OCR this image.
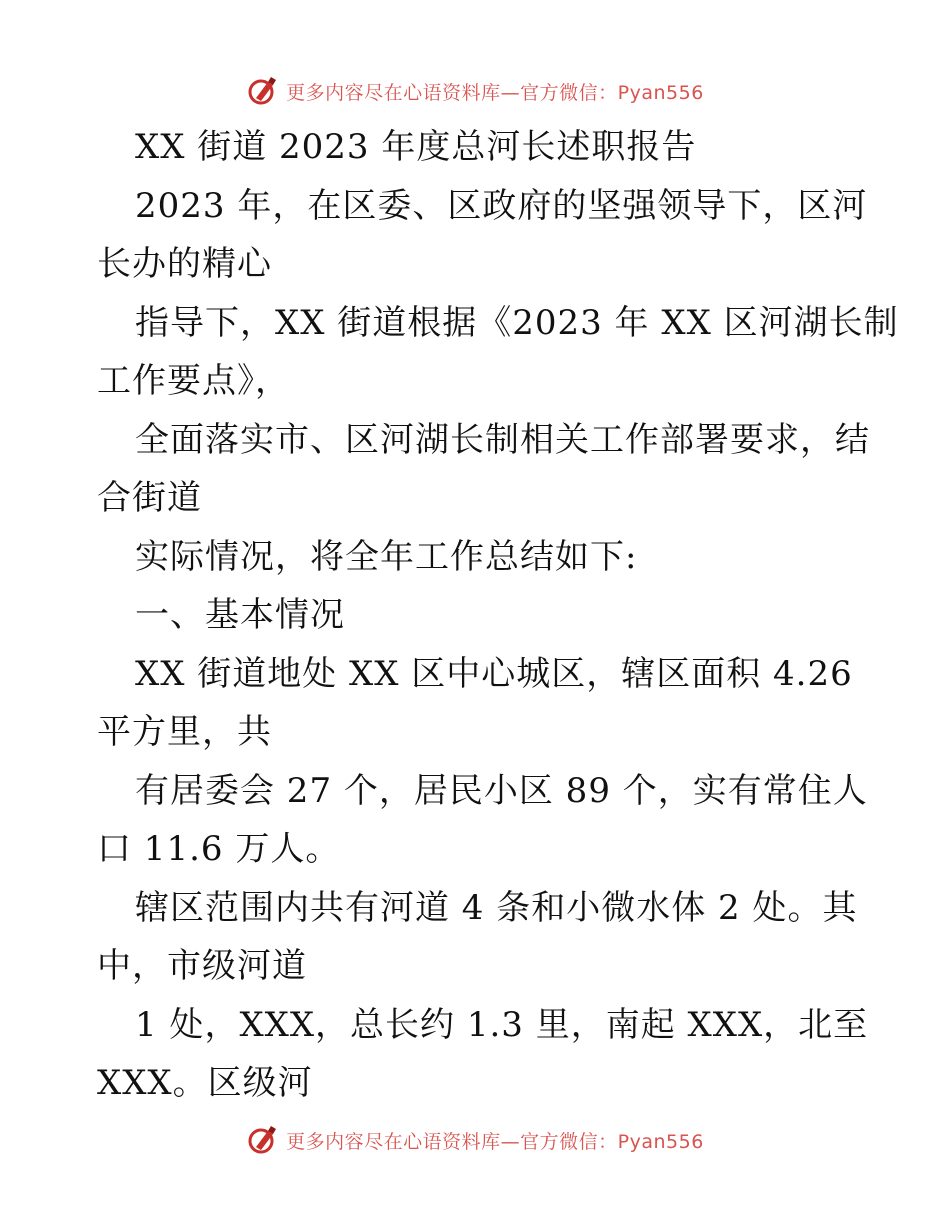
更多内容尽在心语资料库—官方微信：Pyan556
XX 街道 2023 年度总河长述职报告
2023 年，在区委、区政府的坚强领导下，区河
长办的精心
指导下，XX 街道根据《2023 年 XX 区河湖长制
工作要点》，
全面落实市、区河湖长制相关工作部署要求，结
合街道
实际情况，将全年工作总结如下:
一、基本情况
XX 街道地处 XX 区中心城区，辖区面积 4.26
平方里，共
有居委会 27 个，居民小区 89 个，实有常住人
口 11.6 万人。
辖区范围内共有河道 4 条和小微水体 2 处。其
中，市级河道
1 处，XXX，总长约 1.3 里，南起 XXX，北至
XXX。区级河
更多内容尽在心语资料库—官方微信：Pyan556
